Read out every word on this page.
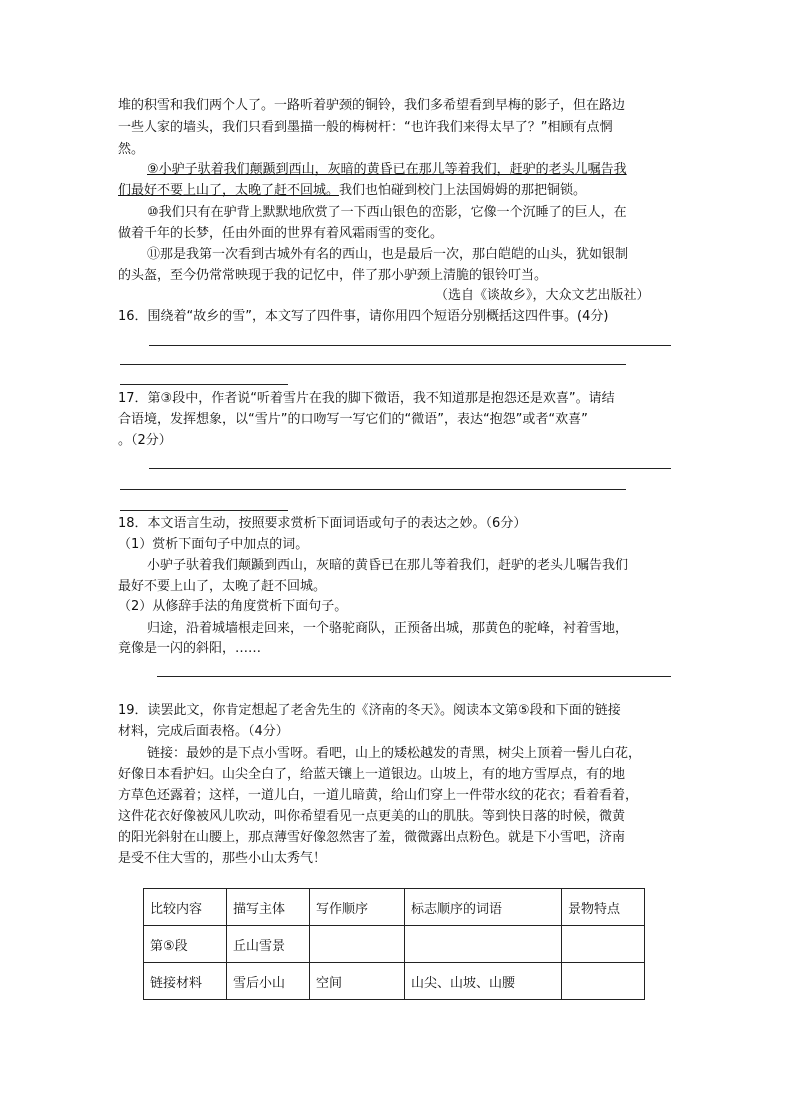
堆的积雪和我们两个人了。一路听着驴颈的铜铃，我们多希望看到早梅的影子，但在路边
一些人家的墙头，我们只看到墨描一般的梅树杆：“也许我们来得太早了？”相顾有点惘
然。
⑨小驴子驮着我们颠踬到西山，灰暗的黄昏已在那儿等着我们，赶驴的老头儿嘱告我
们最好不要上山了，太晚了赶不回城。我们也怕碰到校门上法国姆姆的那把铜锁。
⑩我们只有在驴背上默默地欣赏了一下西山银色的峦影，它像一个沉睡了的巨人，在
做着千年的长梦，任由外面的世界有着风霜雨雪的变化。
⑪那是我第一次看到古城外有名的西山，也是最后一次，那白皑皑的山头，犹如银制
的头盔，至今仍常常映现于我的记忆中，伴了那小驴颈上清脆的银铃叮当。
（选自《谈故乡》，大众文艺出版社）
16．围绕着“故乡的雪”，本文写了四件事，请你用四个短语分别概括这四件事。(4分)
17．第③段中，作者说“听着雪片在我的脚下微语，我不知道那是抱怨还是欢喜”。请结
合语境，发挥想象，以“雪片”的口吻写一写它们的“微语”，表达“抱怨”或者“欢喜”
。（2分）
18．本文语言生动，按照要求赏析下面词语或句子的表达之妙。（6分）
（1）赏析下面句子中加点的词。
小驴子驮着我们颠踬到西山，灰暗的黄昏已在那儿等着我们，赶驴的老头儿嘱告我们
最好不要上山了，太晚了赶不回城。
（2）从修辞手法的角度赏析下面句子。
归途，沿着城墙根走回来，一个骆驼商队，正预备出城，那黄色的驼峰，衬着雪地，
竟像是一闪的斜阳，……
19．读罢此文，你肯定想起了老舍先生的《济南的冬天》。阅读本文第⑤段和下面的链接
材料，完成后面表格。（4分）
链接：最妙的是下点小雪呀。看吧，山上的矮松越发的青黑，树尖上顶着一髻儿白花，
好像日本看护妇。山尖全白了，给蓝天镶上一道银边。山坡上，有的地方雪厚点，有的地
方草色还露着；这样，一道儿白，一道儿暗黄，给山们穿上一件带水纹的花衣；看着看着，
这件花衣好像被风儿吹动，叫你希望看见一点更美的山的肌肤。等到快日落的时候，微黄
的阳光斜射在山腰上，那点薄雪好像忽然害了羞，微微露出点粉色。就是下小雪吧，济南
是受不住大雪的，那些小山太秀气！
比较内容	描写主体	写作顺序	标志顺序的词语	景物特点
第⑤段	丘山雪景			
链接材料	雪后小山	空间	山尖、山坡、山腰	
